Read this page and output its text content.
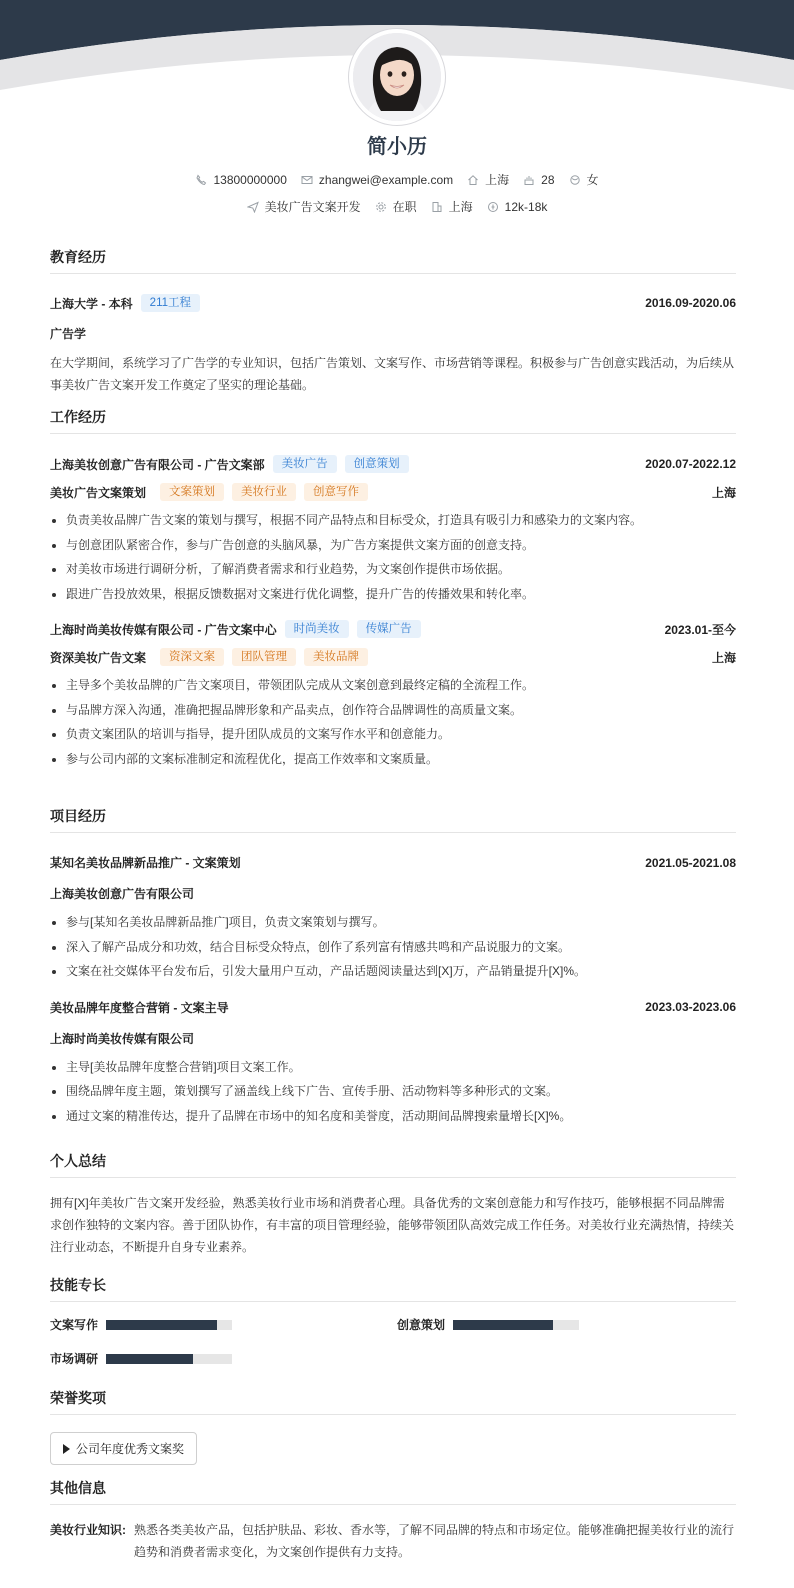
简小历
13800000000	zhangwei@example.com	上海	28	女
美妆广告文案开发	在职	上海	12k-18k
教育经历
上海大学 - 本科	211工程	2016.09-2020.06
广告学
在大学期间，系统学习了广告学的专业知识，包括广告策划、文案写作、市场营销等课程。积极参与广告创意实践活动，为后续从事美妆广告文案开发工作奠定了坚实的理论基础。
工作经历
上海美妆创意广告有限公司 - 广告文案部	美妆广告	创意策划	2020.07-2022.12
美妆广告文案策划	文案策划	美妆行业	创意写作	上海
负责美妆品牌广告文案的策划与撰写，根据不同产品特点和目标受众，打造具有吸引力和感染力的文案内容。
与创意团队紧密合作，参与广告创意的头脑风暴，为广告方案提供文案方面的创意支持。
对美妆市场进行调研分析，了解消费者需求和行业趋势，为文案创作提供市场依据。
跟进广告投放效果，根据反馈数据对文案进行优化调整，提升广告的传播效果和转化率。
上海时尚美妆传媒有限公司 - 广告文案中心	时尚美妆	传媒广告	2023.01-至今
资深美妆广告文案	资深文案	团队管理	美妆品牌	上海
主导多个美妆品牌的广告文案项目，带领团队完成从文案创意到最终定稿的全流程工作。
与品牌方深入沟通，准确把握品牌形象和产品卖点，创作符合品牌调性的高质量文案。
负责文案团队的培训与指导，提升团队成员的文案写作水平和创意能力。
参与公司内部的文案标准制定和流程优化，提高工作效率和文案质量。
项目经历
某知名美妆品牌新品推广 - 文案策划	2021.05-2021.08
上海美妆创意广告有限公司
参与[某知名美妆品牌新品推广]项目，负责文案策划与撰写。
深入了解产品成分和功效，结合目标受众特点，创作了系列富有情感共鸣和产品说服力的文案。
文案在社交媒体平台发布后，引发大量用户互动，产品话题阅读量达到[X]万，产品销量提升[X]%。
美妆品牌年度整合营销 - 文案主导	2023.03-2023.06
上海时尚美妆传媒有限公司
主导[美妆品牌年度整合营销]项目文案工作。
围绕品牌年度主题，策划撰写了涵盖线上线下广告、宣传手册、活动物料等多种形式的文案。
通过文案的精准传达，提升了品牌在市场中的知名度和美誉度，活动期间品牌搜索量增长[X]%。
个人总结
拥有[X]年美妆广告文案开发经验，熟悉美妆行业市场和消费者心理。具备优秀的文案创意能力和写作技巧，能够根据不同品牌需求创作独特的文案内容。善于团队协作，有丰富的项目管理经验，能够带领团队高效完成工作任务。对美妆行业充满热情，持续关注行业动态，不断提升自身专业素养。
技能专长
文案写作	创意策划
市场调研
荣誉奖项
公司年度优秀文案奖
其他信息
美妆行业知识: 熟悉各类美妆产品，包括护肤品、彩妆、香水等，了解不同品牌的特点和市场定位。能够准确把握美妆行业的流行
趋势和消费者需求变化，为文案创作提供有力支持。
